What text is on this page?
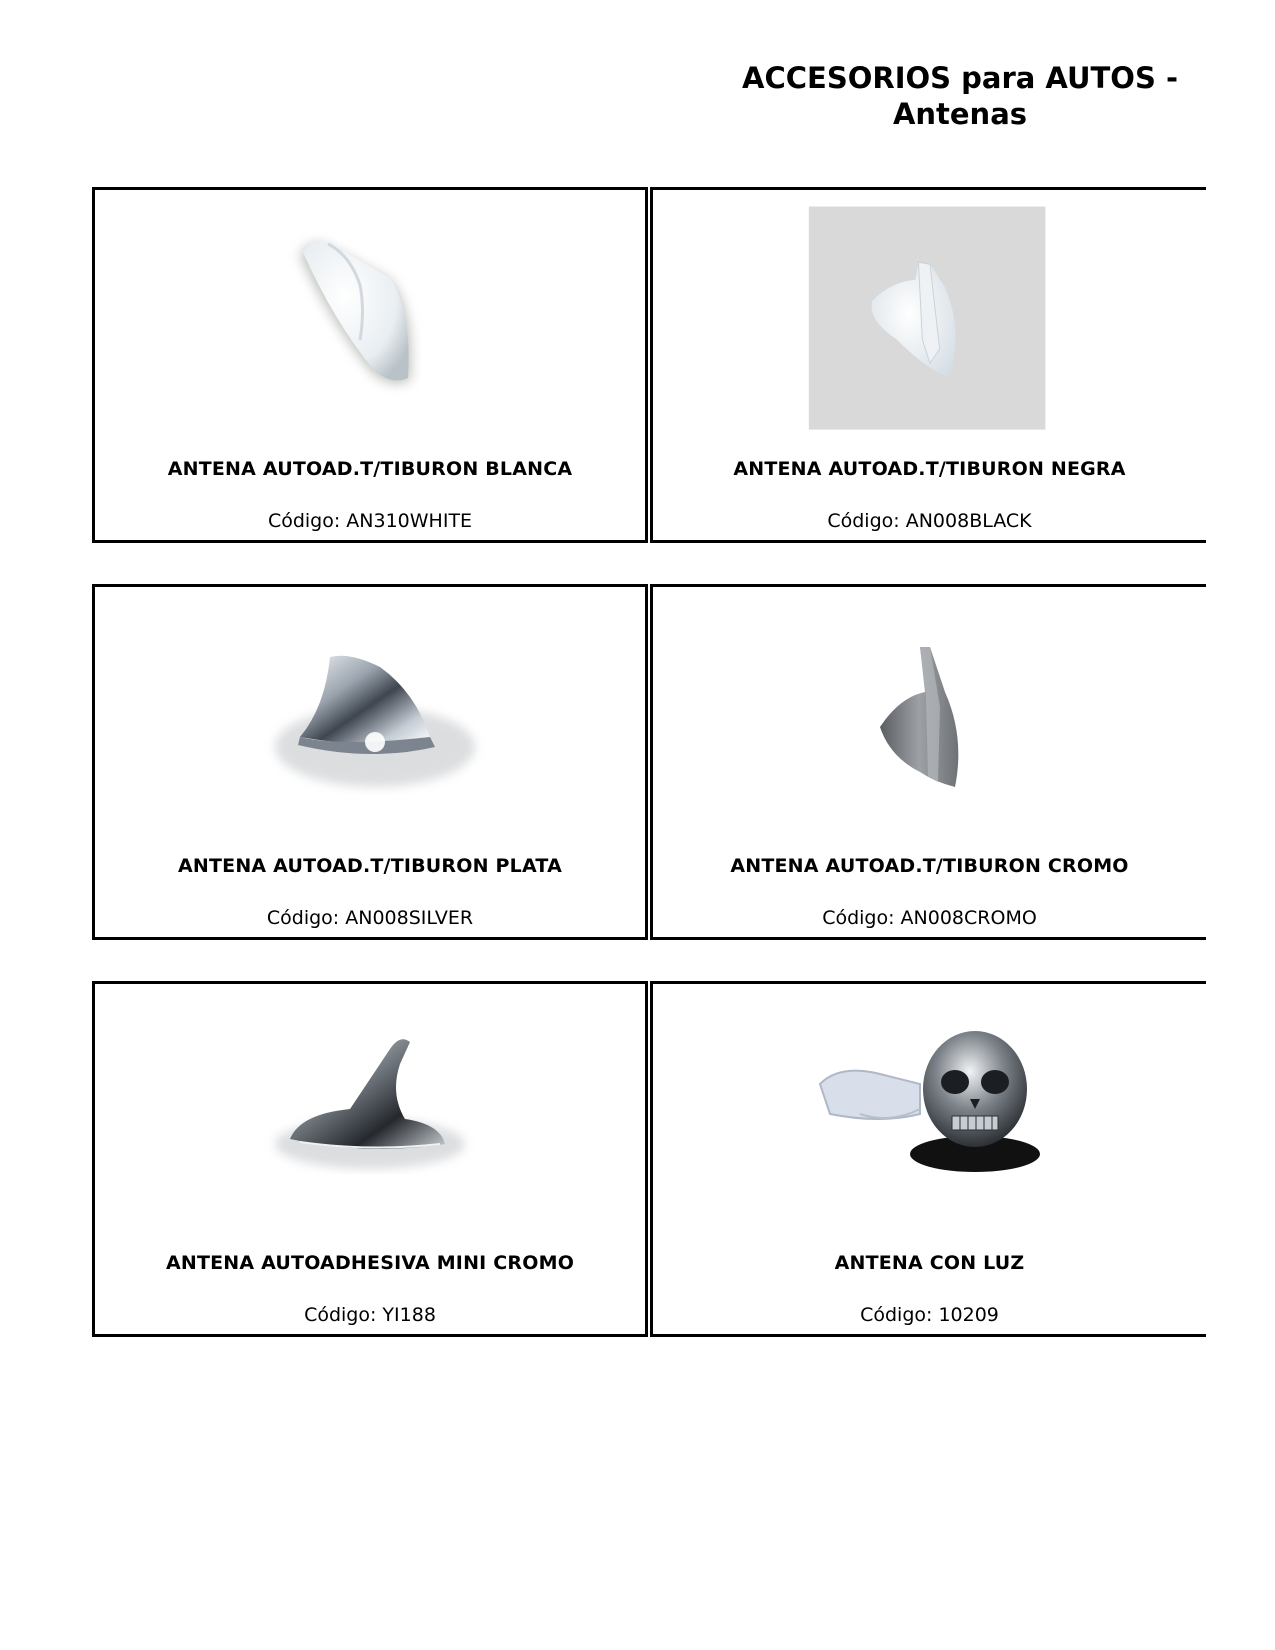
ACCESORIOS para AUTOS -
Antenas
ANTENA AUTOAD.T/TIBURON BLANCA
Código: AN310WHITE
ANTENA AUTOAD.T/TIBURON NEGRA
Código: AN008BLACK
ANTENA AUTOAD.T/TIBURON PLATA
Código: AN008SILVER
ANTENA AUTOAD.T/TIBURON CROMO
Código: AN008CROMO
ANTENA AUTOADHESIVA MINI CROMO
Código: YI188
ANTENA CON LUZ
Código: 10209
